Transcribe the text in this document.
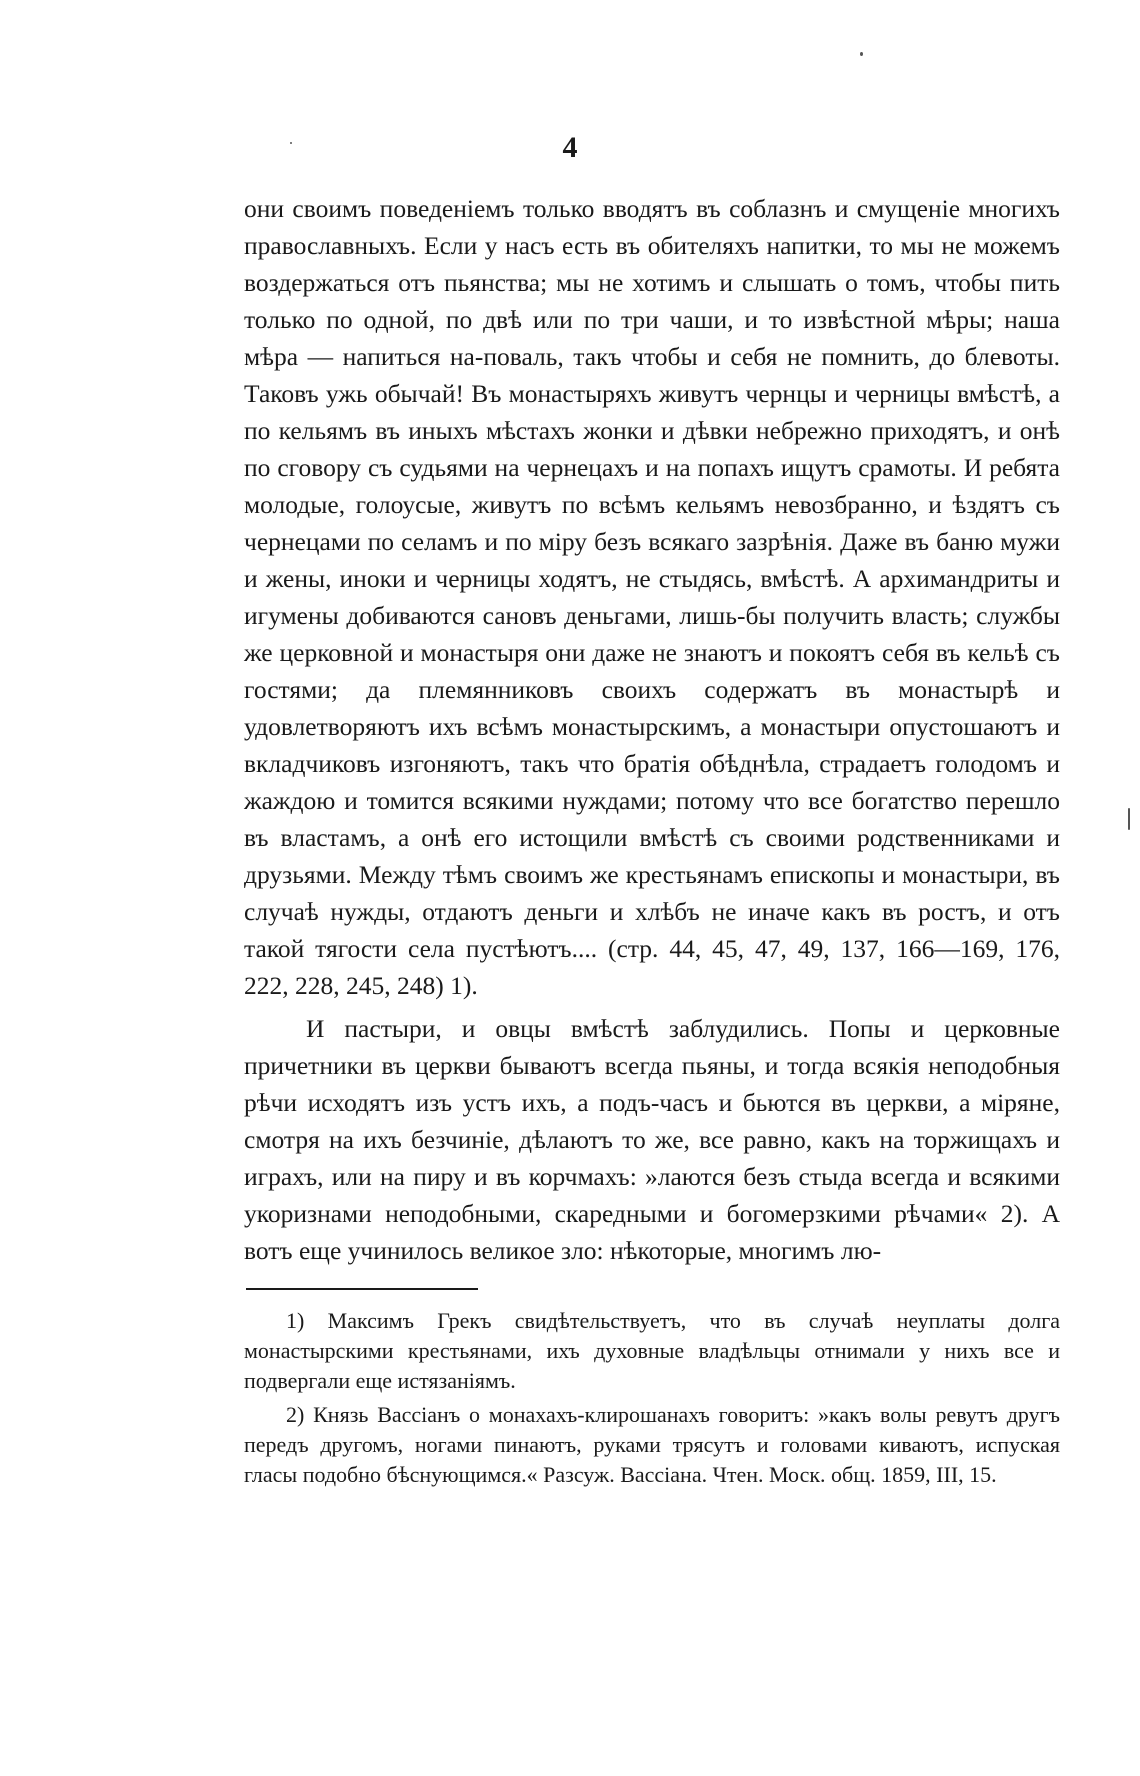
4

они своимъ поведенiемъ только вводятъ въ соблазнъ и смущенiе многихъ православныхъ. Если у насъ есть въ обителяхъ напитки, то мы не можемъ воздержаться отъ пьянства; мы не хотимъ и слышать о томъ, чтобы пить только по одной, по двѣ или по три чаши, и то извѣстной мѣры; наша мѣра — напиться на-поваль, такъ чтобы и себя не помнить, до блевоты. Таковъ ужь обычай! Въ монастыряхъ живутъ чернцы и черницы вмѣстѣ, а по кельямъ въ иныхъ мѣстахъ жонки и дѣвки небрежно приходятъ, и онѣ по сговору съ судьями на чернецахъ и на попахъ ищутъ срамоты. И ребята молодые, голоусые, живутъ по всѣмъ кельямъ невозбранно, и ѣздятъ съ чернецами по селамъ и по мiру безъ всякаго зазрѣнiя. Даже въ баню мужи и жены, иноки и черницы ходятъ, не стыдясь, вмѣстѣ. А архимандриты и игумены добиваются сановъ деньгами, лишь-бы получить власть; службы же церковной и монастыря они даже не знаютъ и покоятъ себя въ кельѣ съ гостями; да племянниковъ своихъ содержатъ въ монастырѣ и удовлетворяютъ ихъ всѣмъ монастырскимъ, а монастыри опустошаютъ и вкладчиковъ изгоняютъ, такъ что братiя обѣднѣла, страдаетъ голодомъ и жаждою и томится всякими нуждами; потому что все богатство перешло въ властамъ, а онѣ его истощили вмѣстѣ съ своими родственниками и друзьями. Между тѣмъ своимъ же крестьянамъ епископы и монастыри, въ случаѣ нужды, отдаютъ деньги и хлѣбъ не иначе какъ въ ростъ, и отъ такой тягости села пустѣютъ.... (стр. 44, 45, 47, 49, 137, 166—169, 176, 222, 228, 245, 248) 1).

И пастыри, и овцы вмѣстѣ заблудились. Попы и церковные причетники въ церкви бываютъ всегда пьяны, и тогда всякiя неподобныя рѣчи исходятъ изъ устъ ихъ, а подъ-часъ и бьются въ церкви, а мiряне, смотря на ихъ безчинiе, дѣлаютъ то же, все равно, какъ на торжищахъ и играхъ, или на пиру и въ корчмахъ: »лаются безъ стыда всегда и всякими укоризнами неподобными, скаредными и богомерзкими рѣчами« 2). А вотъ еще учинилось великое зло: нѣкоторые, многимъ лю-

1) Максимъ Грекъ свидѣтельствуетъ, что въ случаѣ неуплаты долга монастырскими крестьянами, ихъ духовные владѣльцы отнимали у нихъ все и подвергали еще истязанiямъ.

2) Князь Вассiанъ о монахахъ-клирошанахъ говоритъ: »какъ волы ревутъ другъ передъ другомъ, ногами пинаютъ, руками трясутъ и головами киваютъ, испуская гласы подобно бѣснующимся.« Разсуж. Вассiана. Чтен. Моск. общ. 1859, III, 15.
